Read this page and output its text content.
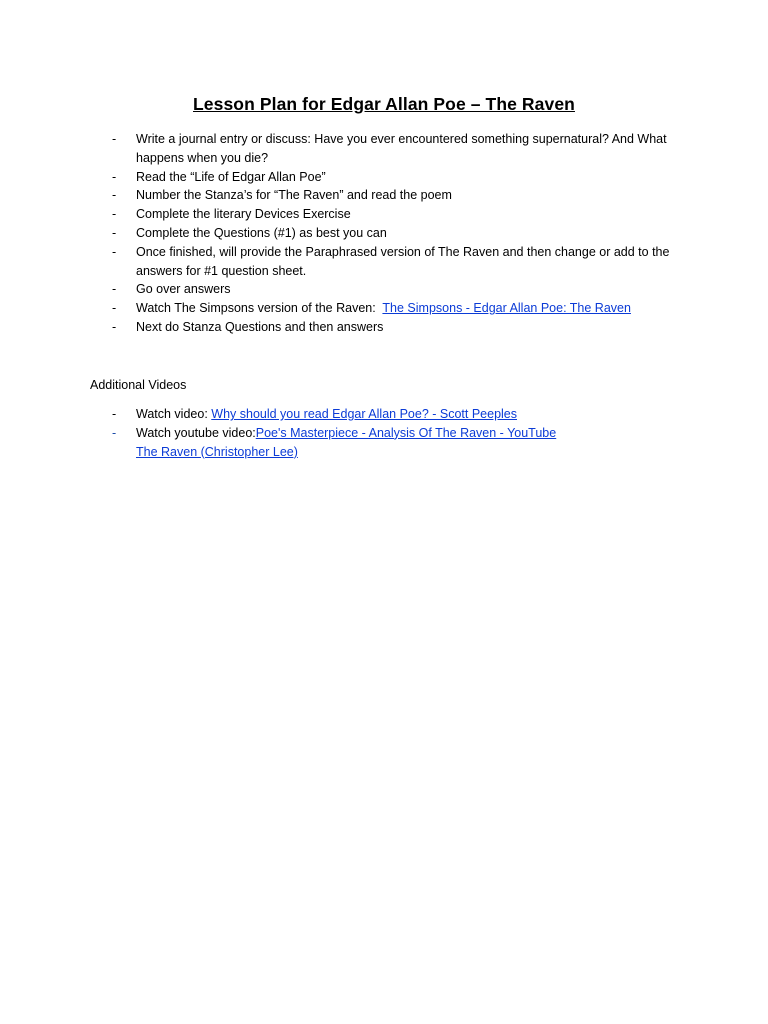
Lesson Plan for Edgar Allan Poe – The Raven
-	Write a journal entry or discuss: Have you ever encountered something supernatural? And What happens when you die?
-	Read the “Life of Edgar Allan Poe”
-	Number the Stanza’s for “The Raven” and read the poem
-	Complete the literary Devices Exercise
-	Complete the Questions (#1) as best you can
-	Once finished, will provide the Paraphrased version of The Raven and then change or add to the answers for #1 question sheet.
-	Go over answers
-	Watch The Simpsons version of the Raven:  The Simpsons - Edgar Allan Poe: The Raven
-	Next do Stanza Questions and then answers

Additional Videos

-	Watch video: Why should you read Edgar Allan Poe? - Scott Peeples
-	Watch youtube video:Poe's Masterpiece - Analysis Of The Raven - YouTube
The Raven (Christopher Lee)
